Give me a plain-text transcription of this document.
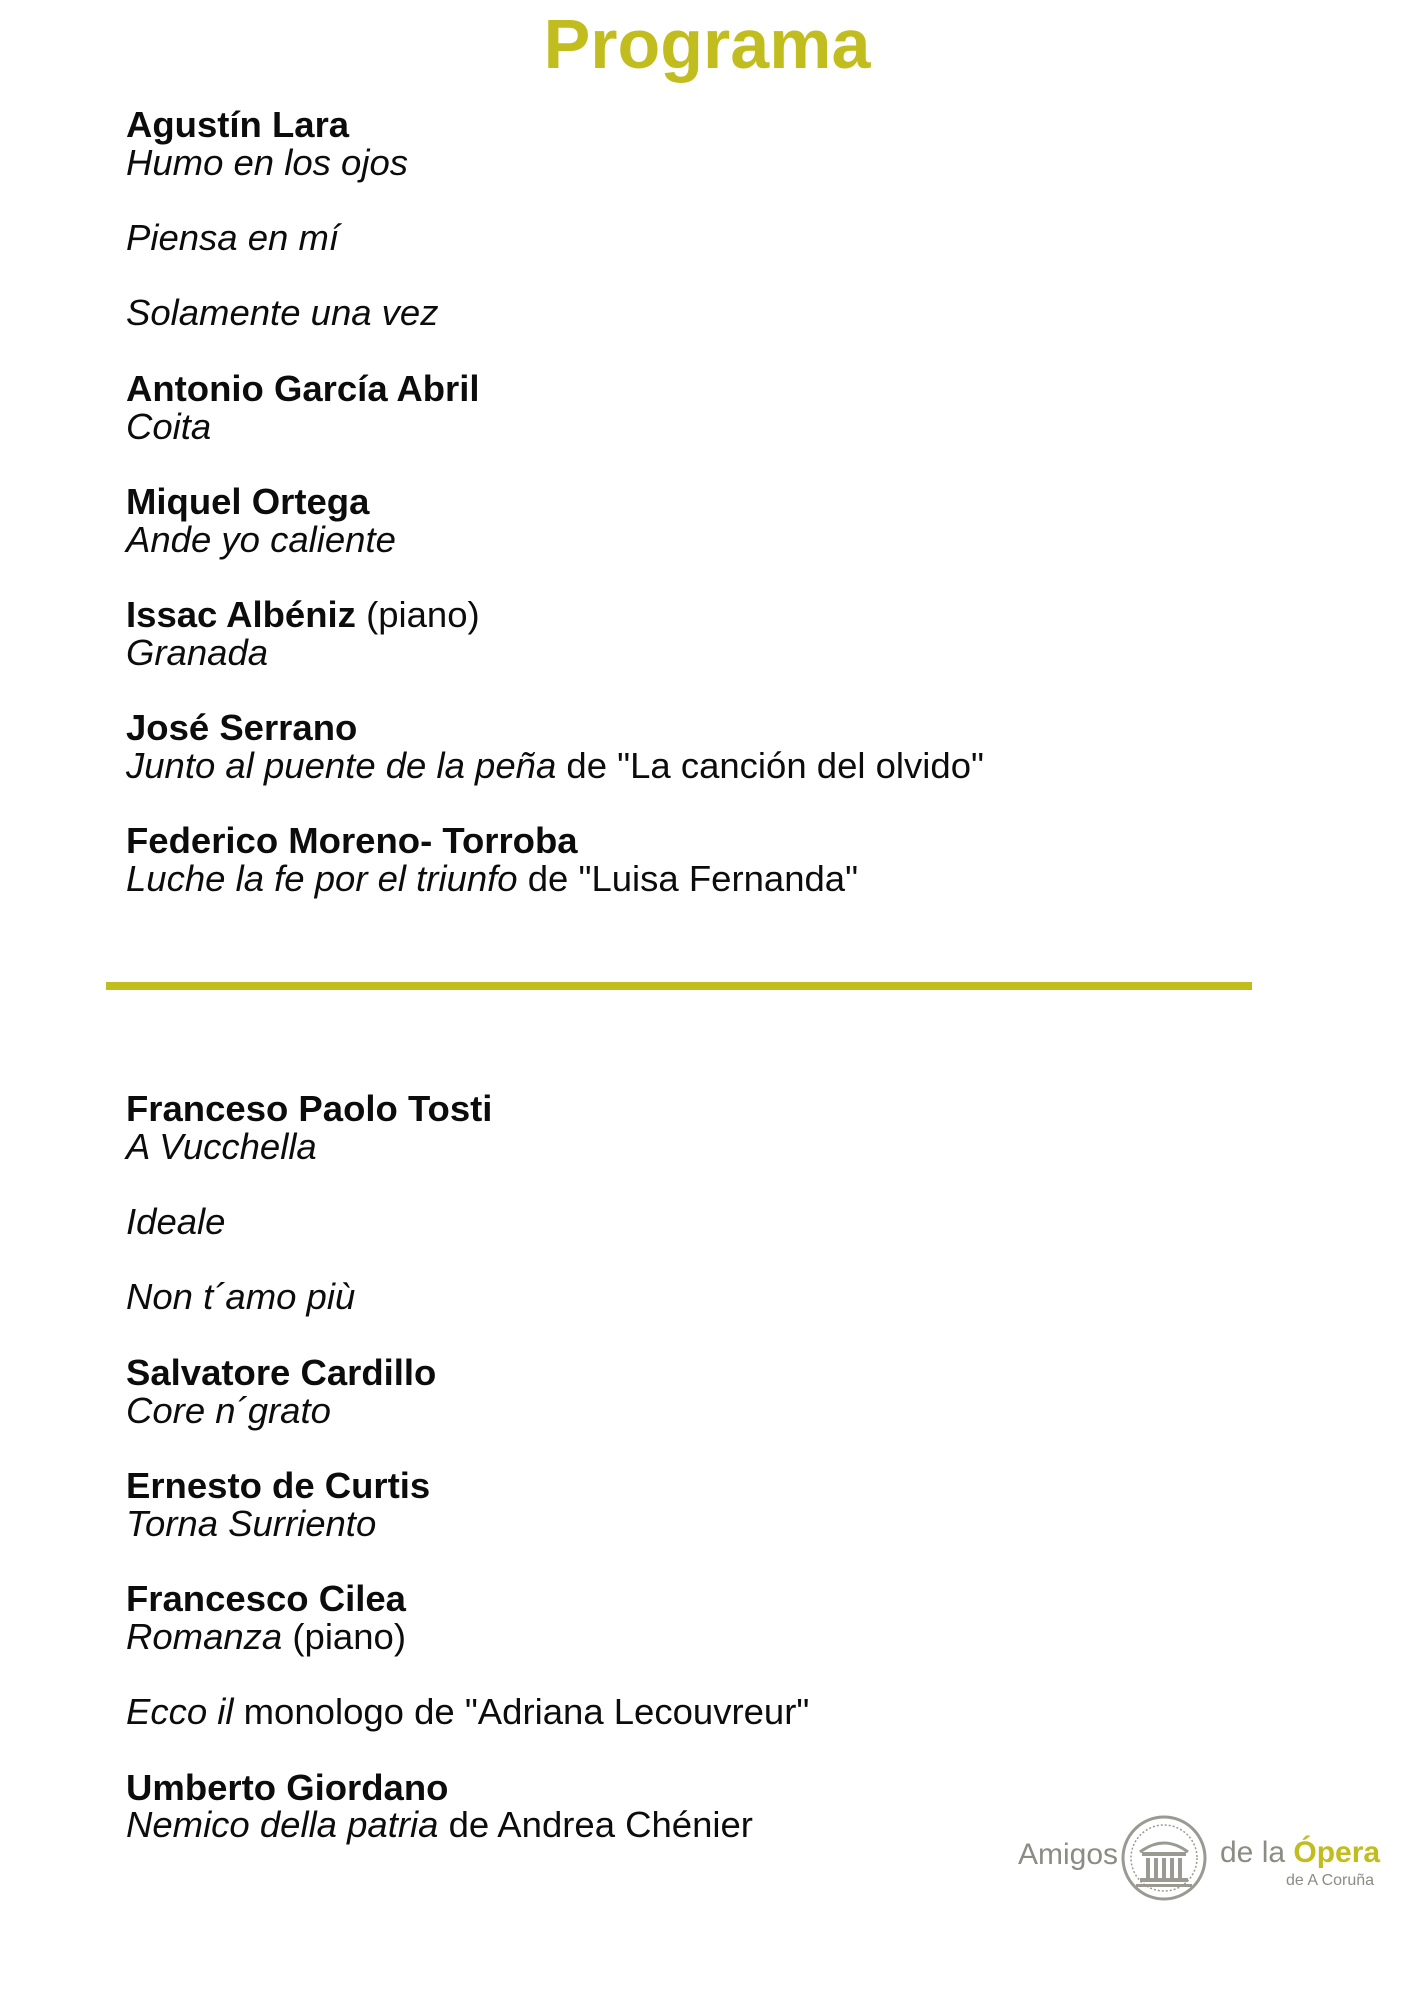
Programa

Agustín Lara

Humo en los ojos

Piensa en mí

Solamente una vez

Antonio García Abril

Coita

Miquel Ortega

Ande yo caliente

Issac Albéniz (piano)

Granada

José Serrano

Junto al puente de la peña de "La canción del olvido"

Federico Moreno- Torroba

Luche la fe por el triunfo de "Luisa Fernanda"

Franceso Paolo Tosti

A Vucchella

Ideale

Non t´amo più

Salvatore Cardillo

Core n´grato

Ernesto de Curtis

Torna Surriento

Francesco Cilea

Romanza (piano)

Ecco il monologo de "Adriana Lecouvreur"

Umberto Giordano

Nemico della patria de Andrea Chénier

Amigos	de la Ópera
de A Coruña
